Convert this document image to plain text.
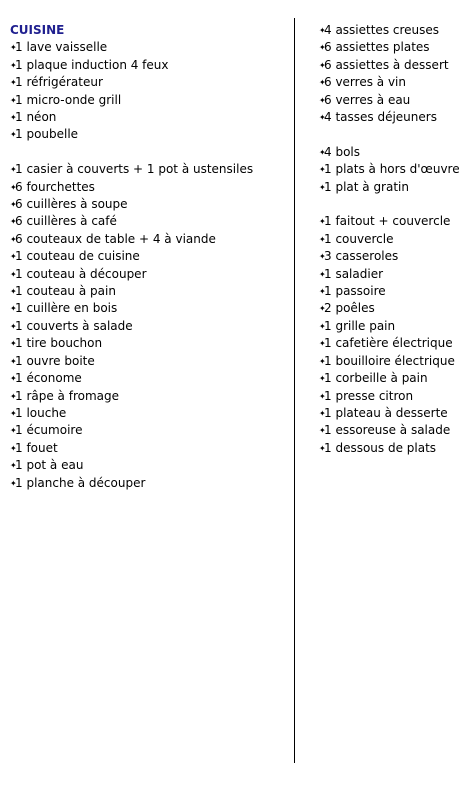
CUISINE
✦1 lave vaisselle
✦1 plaque induction 4 feux
✦1 réfrigérateur
✦1 micro-onde grill
✦1 néon
✦1 poubelle
✦1 casier à couverts + 1 pot à ustensiles
✦6 fourchettes
✦6 cuillères à soupe
✦6 cuillères à café
✦6 couteaux de table + 4 à viande
✦1 couteau de cuisine
✦1 couteau à découper
✦1 couteau à pain
✦1 cuillère en bois
✦1 couverts à salade
✦1 tire bouchon
✦1 ouvre boite
✦1 économe
✦1 râpe à fromage
✦1 louche
✦1 écumoire
✦1 fouet
✦1 pot à eau
✦1 planche à découper
✦4 assiettes creuses
✦6 assiettes plates
✦6 assiettes à dessert
✦6 verres à vin
✦6 verres à eau
✦4 tasses déjeuners
✦4 bols
✦1 plats à hors d'œuvre
✦1 plat à gratin
✦1 faitout + couvercle
✦1 couvercle
✦3 casseroles
✦1 saladier
✦1 passoire
✦2 poêles
✦1 grille pain
✦1 cafetière électrique
✦1 bouilloire électrique
✦1 corbeille à pain
✦1 presse citron
✦1 plateau à desserte
✦1 essoreuse à salade
✦1 dessous de plats
